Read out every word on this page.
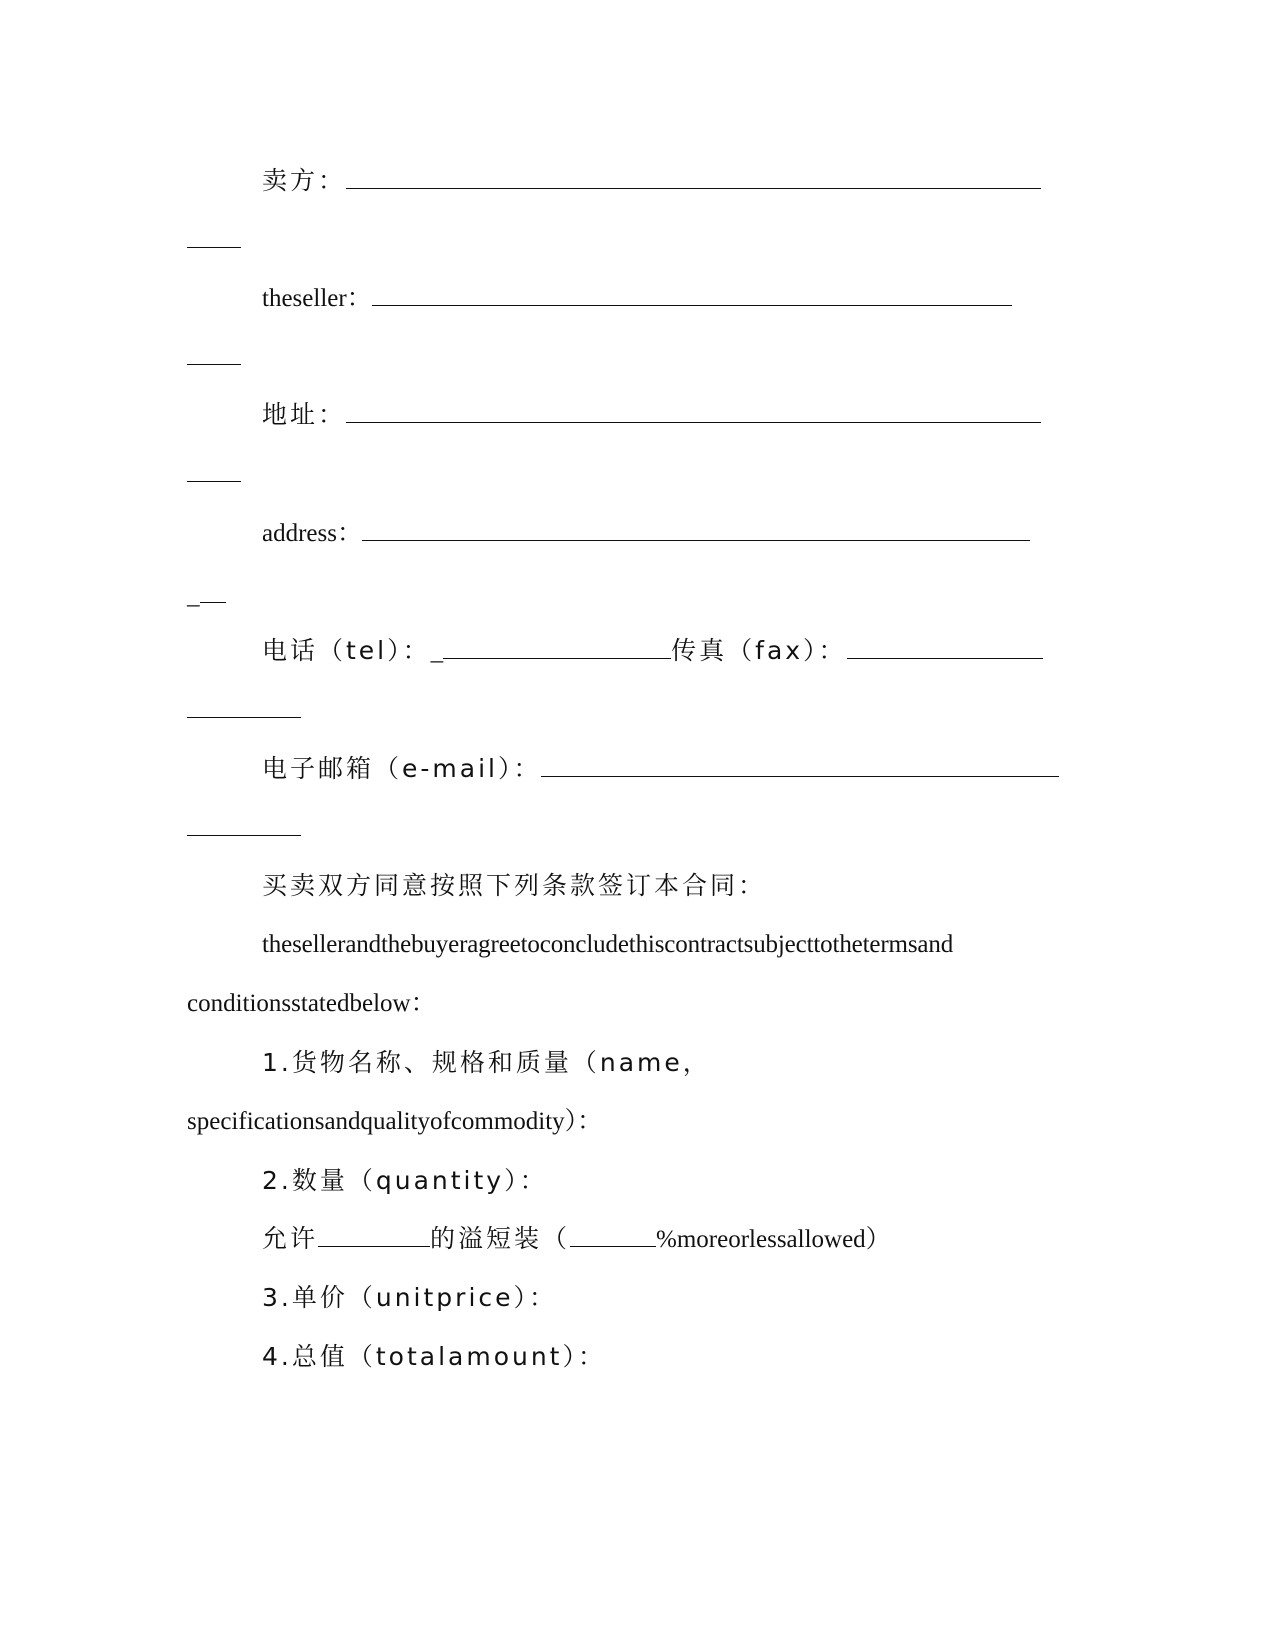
卖方：
theseller：
地址：
address：
_
电话（tel）：_	传真（fax）：
电子邮箱（e-mail）：
买卖双方同意按照下列条款签订本合同：
thesellerandthebuyeragreetoconcludethiscontractsubjecttothetermsand
conditionsstatedbelow：
1.货物名称、规格和质量（name，
specificationsandqualityofcommodity）：
2.数量（quantity）：
允许	的溢短装（	%moreorlessallowed）
3.单价（unitprice）：
4.总值（totalamount）：
